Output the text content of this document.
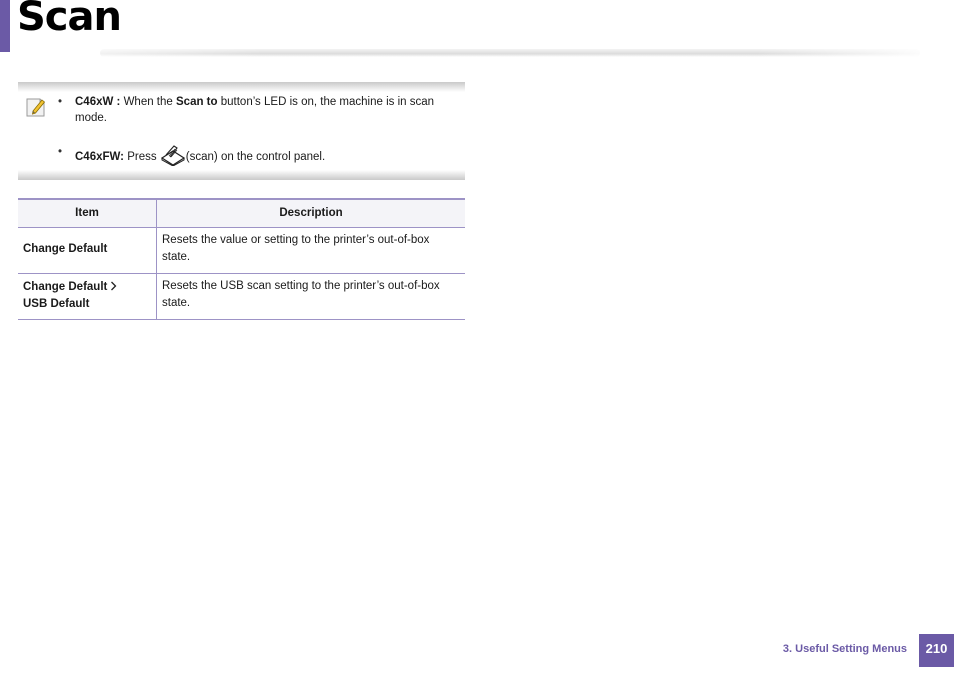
Scan
• C46xW : When the Scan to button’s LED is on, the machine is in scan mode.
• C46xFW: Press (scan) on the control panel.
Item	Description
Change Default	Resets the value or setting to the printer’s out-of-box state.
Change Default
USB Default	Resets the USB scan setting to the printer’s out-of-box state.
3. Useful Setting Menus	210
